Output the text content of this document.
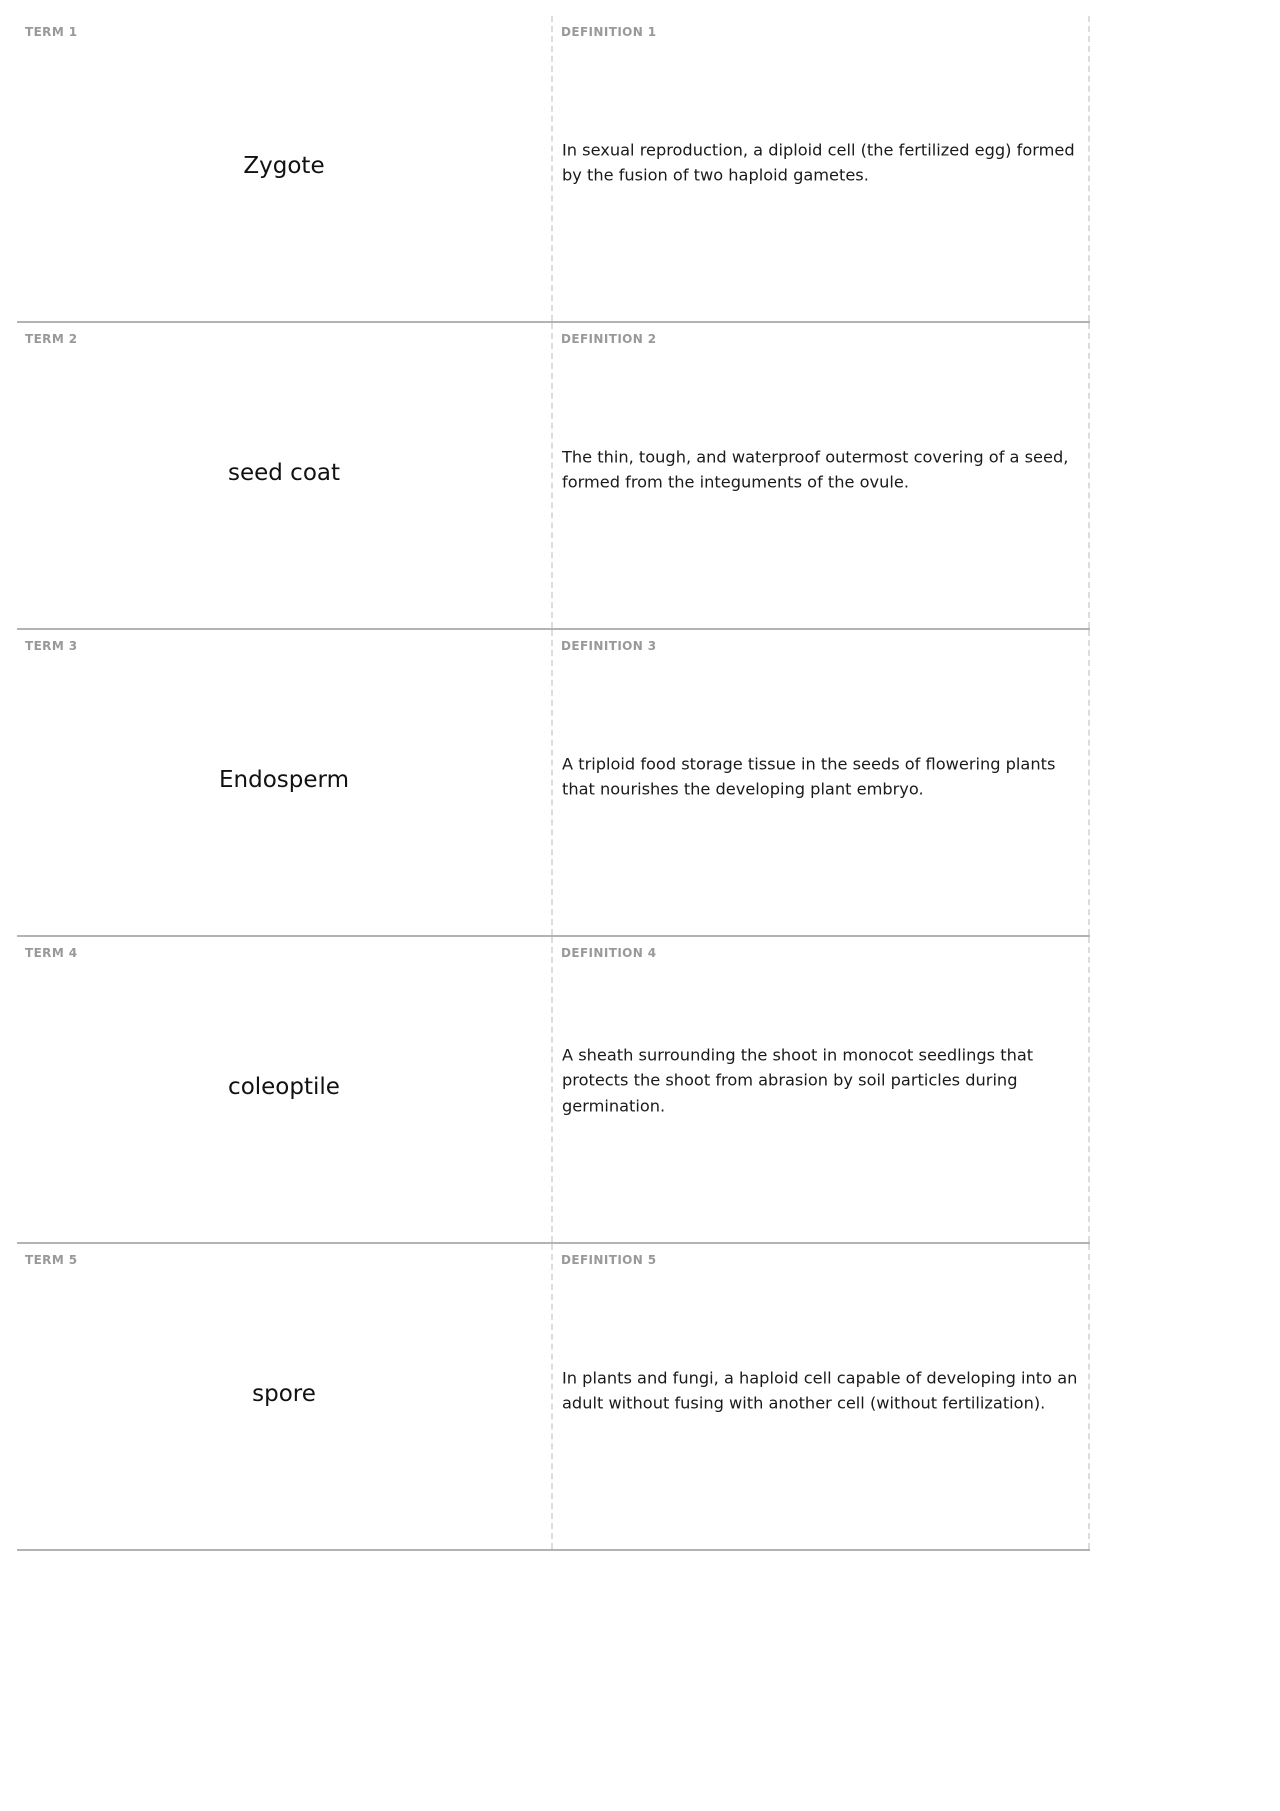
TERM 1
Zygote
DEFINITION 1
In sexual reproduction, a diploid cell (the fertilized egg) formed by the fusion of two haploid gametes.
TERM 2
seed coat
DEFINITION 2
The thin, tough, and waterproof outermost covering of a seed, formed from the integuments of the ovule.
TERM 3
Endosperm
DEFINITION 3
A triploid food storage tissue in the seeds of flowering plants that nourishes the developing plant embryo.
TERM 4
coleoptile
DEFINITION 4
A sheath surrounding the shoot in monocot seedlings that protects the shoot from abrasion by soil particles during germination.
TERM 5
spore
DEFINITION 5
In plants and fungi, a haploid cell capable of developing into an adult without fusing with another cell (without fertilization).
